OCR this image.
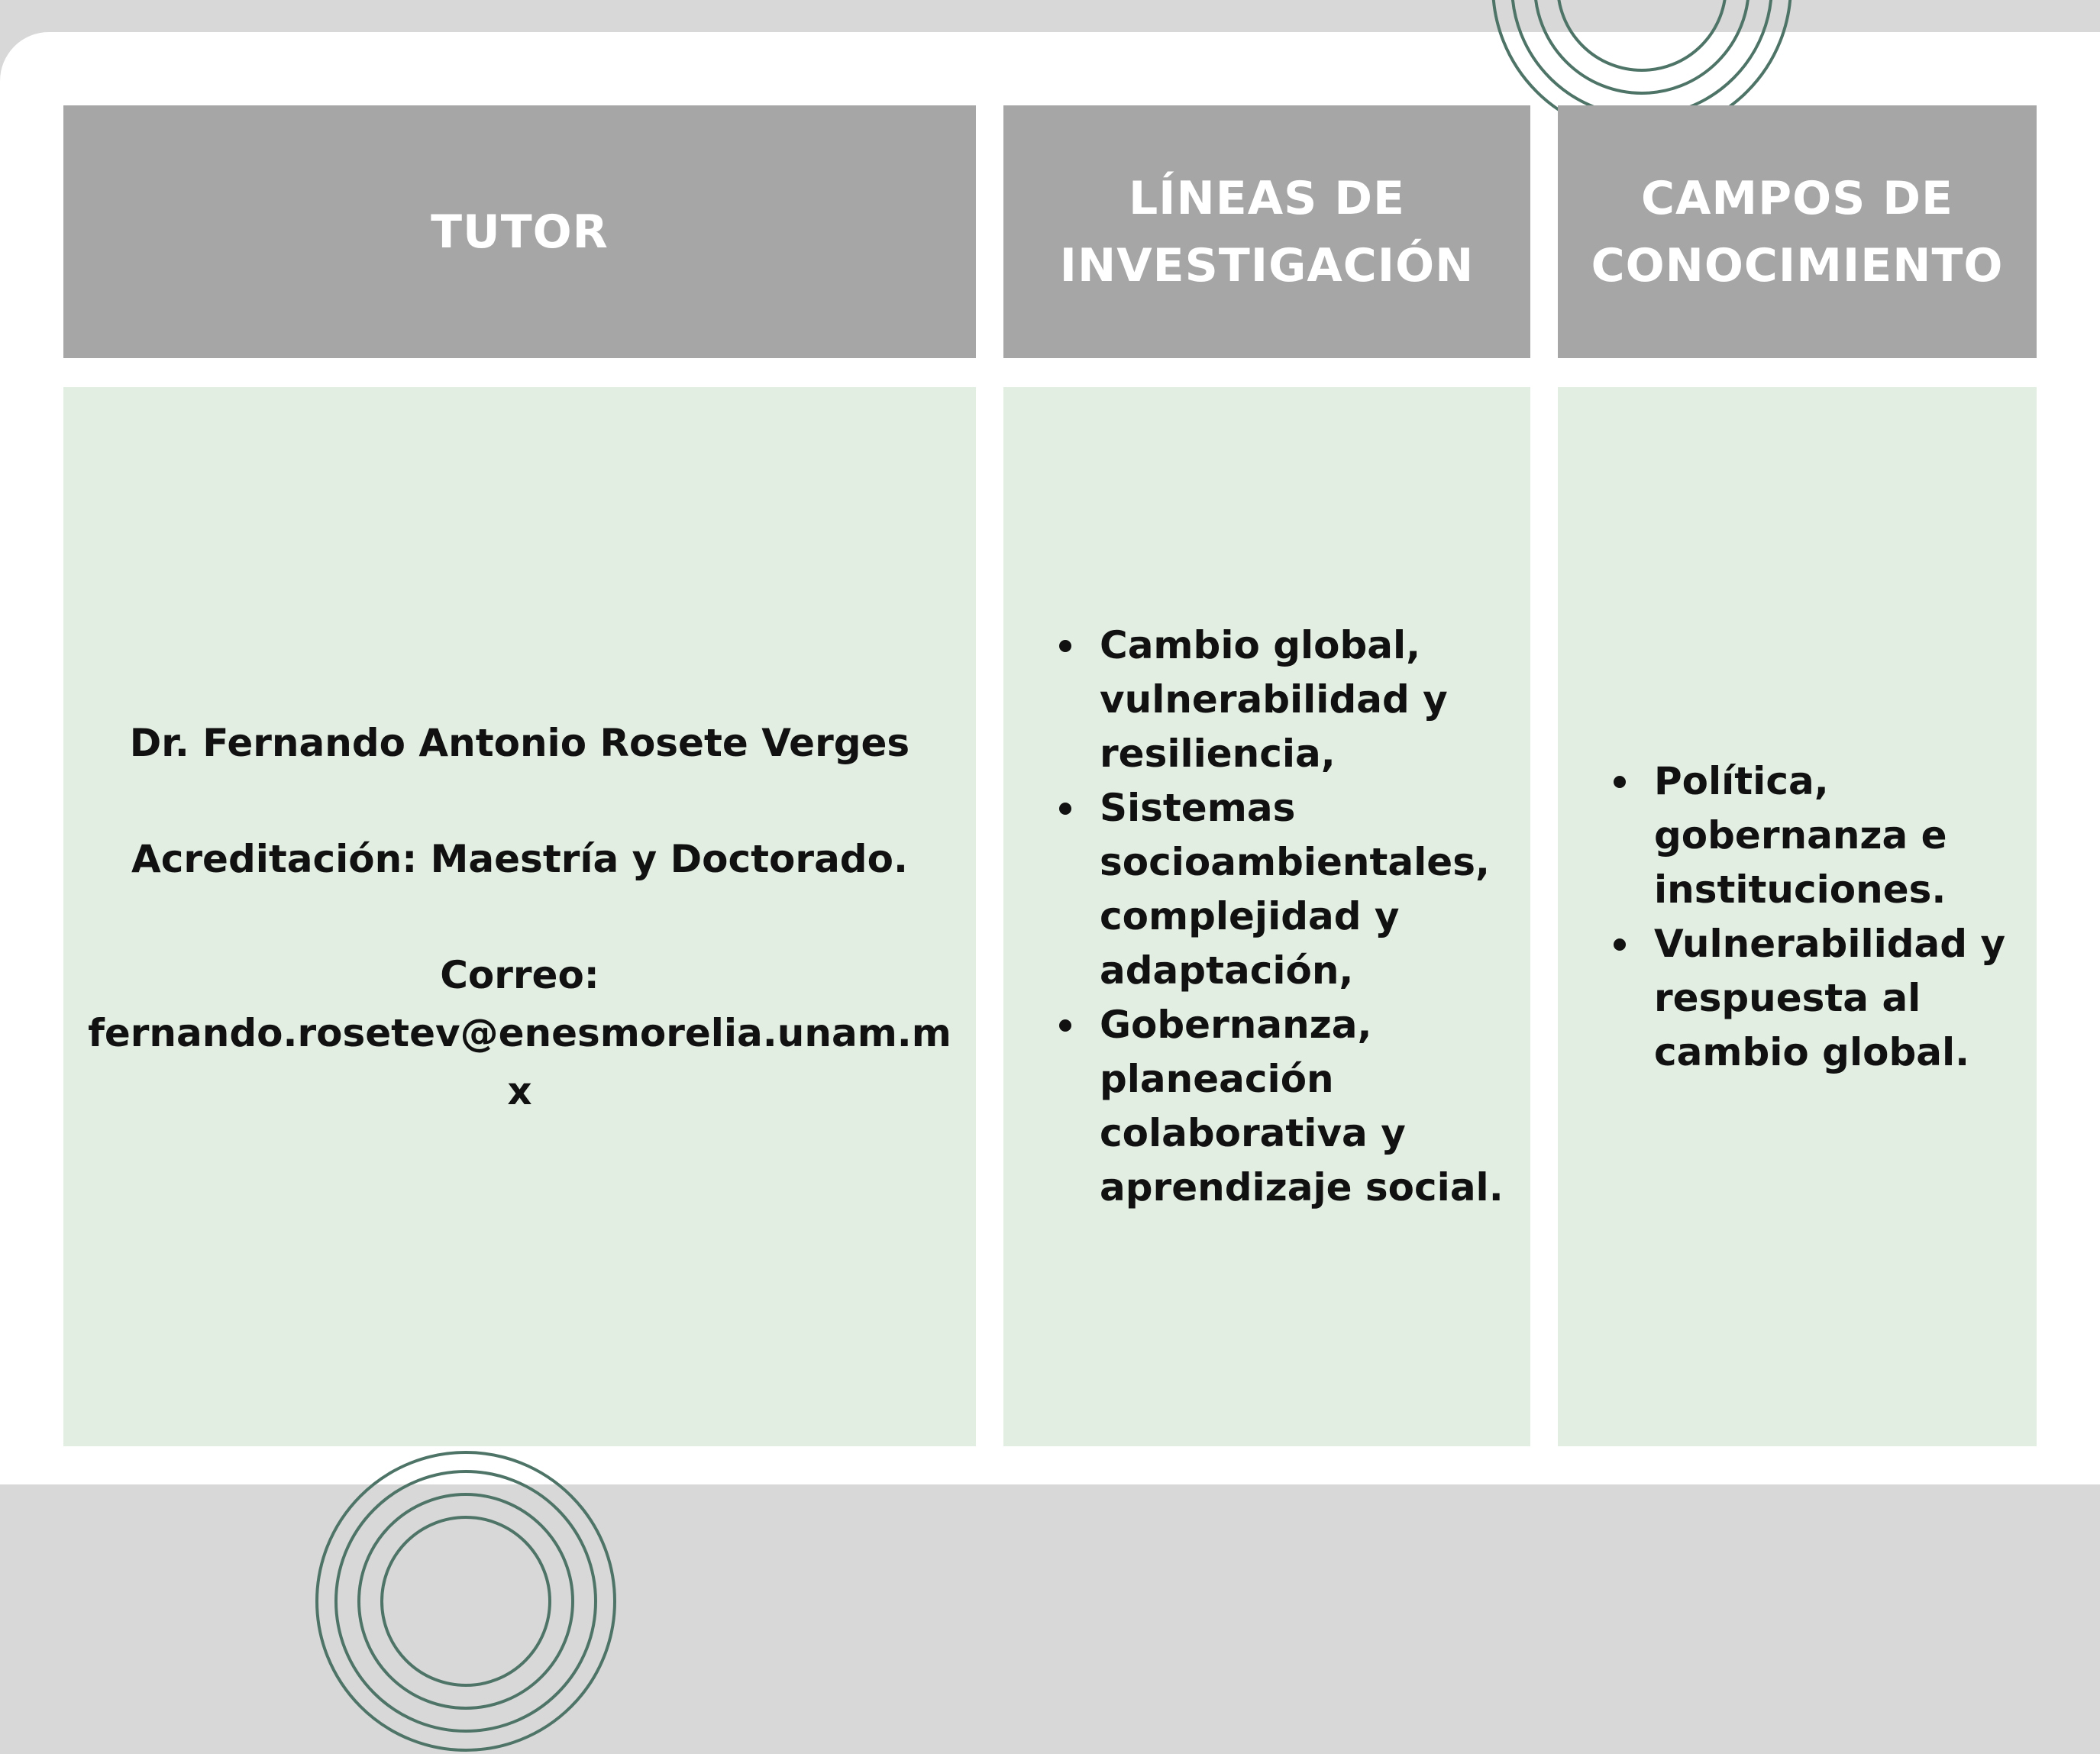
TUTOR
LÍNEAS DE
INVESTIGACIÓN
CAMPOS DE
CONOCIMIENTO

Dr. Fernando Antonio Rosete Verges

Acreditación: Maestría y Doctorado.

Correo:

fernando.rosetev@enesmorelia.unam.mx

Cambio global, vulnerabilidad y resiliencia,
Sistemas socioambientales, complejidad y adaptación,
Gobernanza, planeación colaborativa y aprendizaje social.
Política, gobernanza e instituciones.
Vulnerabilidad y respuesta al cambio global.
